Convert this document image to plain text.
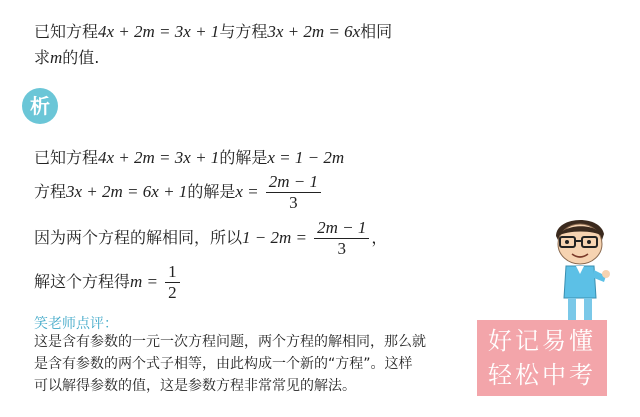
已知方程4x + 2m = 3x + 1与方程3x + 2m = 6x相同
求m的值.
析
已知方程4x + 2m = 3x + 1的解是x = 1 − 2m
方程3x + 2m = 6x + 1的解是$x = \frac{2m - 1}{3}$
因为两个方程的解相同，所以$1 - 2m = \frac{2m - 1}{3}$ ，
解这个方程得$m = \frac{1}{2}$
笑老师点评：
这是含有参数的一元一次方程问题，两个方程的解相同，那么就
是含有参数的两个式子相等，由此构成一个新的“方程”。这样
可以解得参数的值，这是参数方程非常常见的解法。
好记易懂
轻松中考
